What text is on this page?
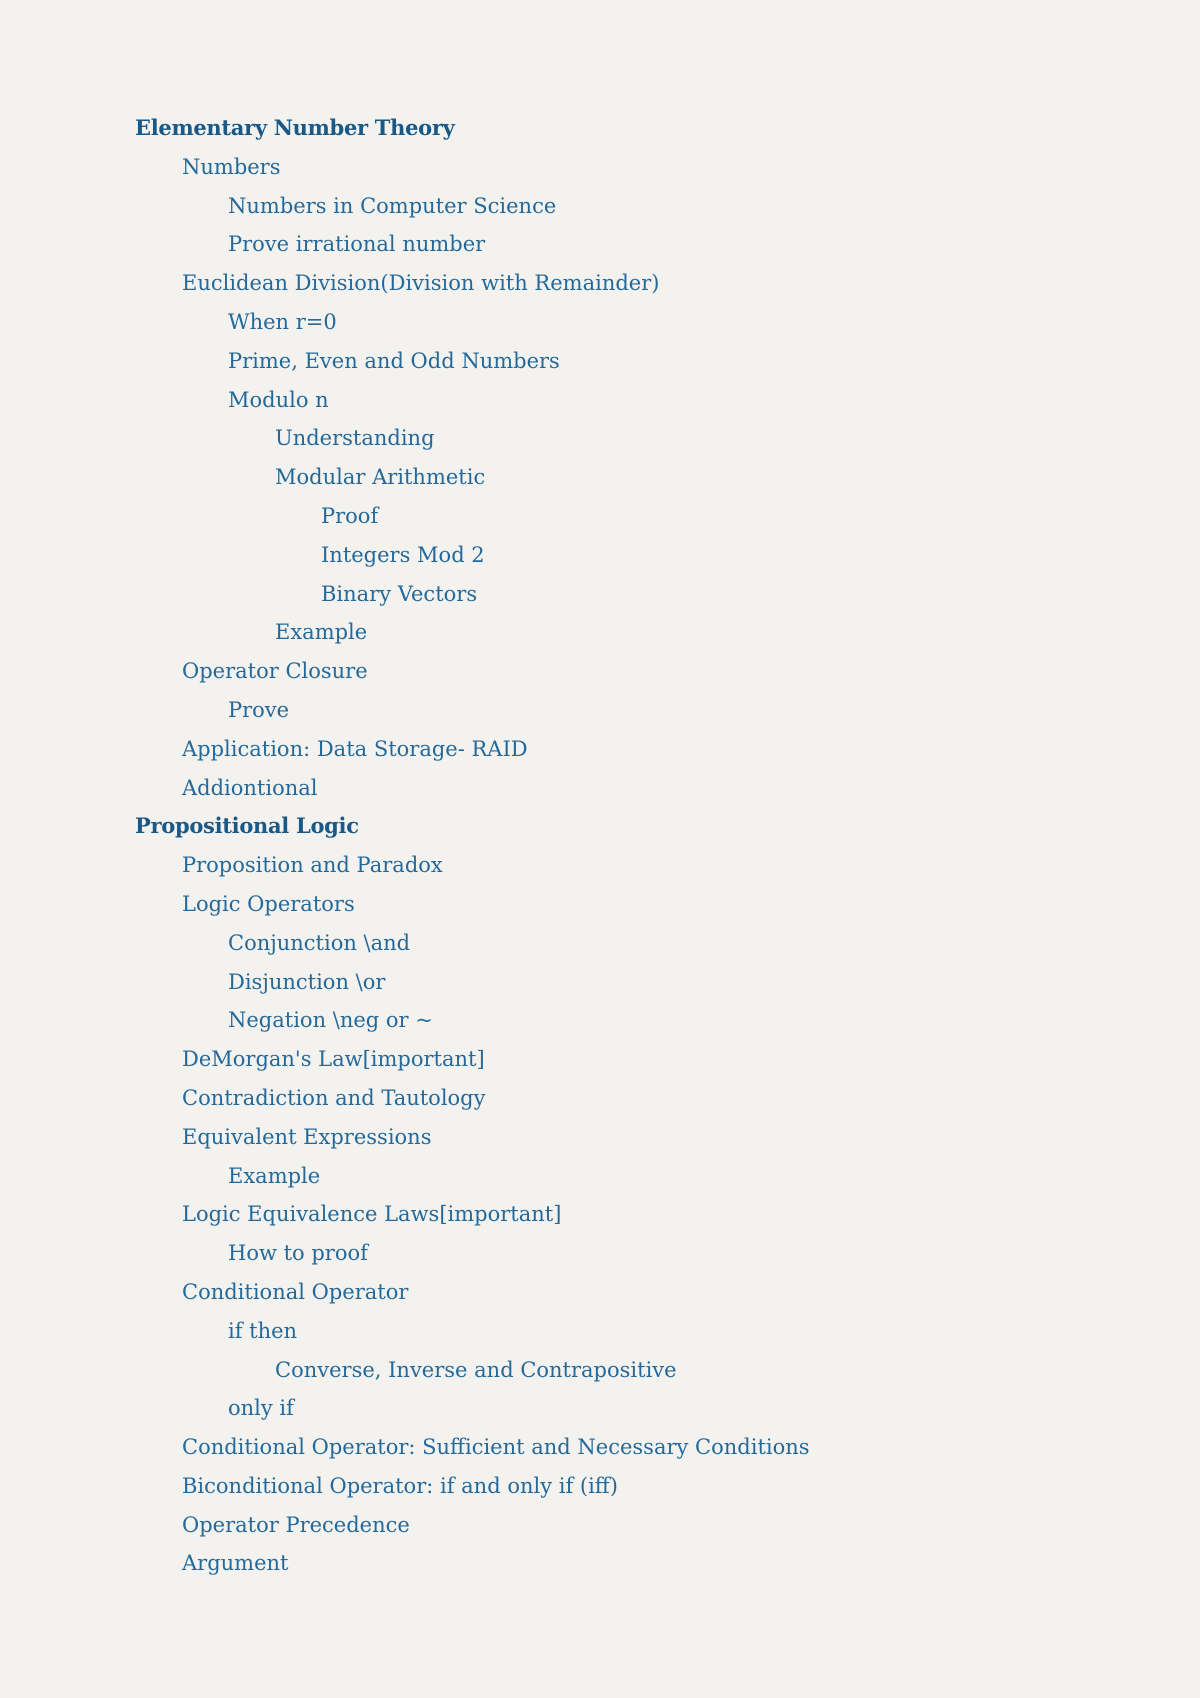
Elementary Number Theory
Numbers
Numbers in Computer Science
Prove irrational number
Euclidean Division(Division with Remainder)
When r=0
Prime, Even and Odd Numbers
Modulo n
Understanding
Modular Arithmetic
Proof
Integers Mod 2
Binary Vectors
Example
Operator Closure
Prove
Application: Data Storage- RAID
Addiontional
Propositional Logic
Proposition and Paradox
Logic Operators
Conjunction \and
Disjunction \or
Negation \neg or ~
DeMorgan's Law[important]
Contradiction and Tautology
Equivalent Expressions
Example
Logic Equivalence Laws[important]
How to proof
Conditional Operator
if then
Converse, Inverse and Contrapositive
only if
Conditional Operator: Sufficient and Necessary Conditions
Biconditional Operator: if and only if (iff)
Operator Precedence
Argument
